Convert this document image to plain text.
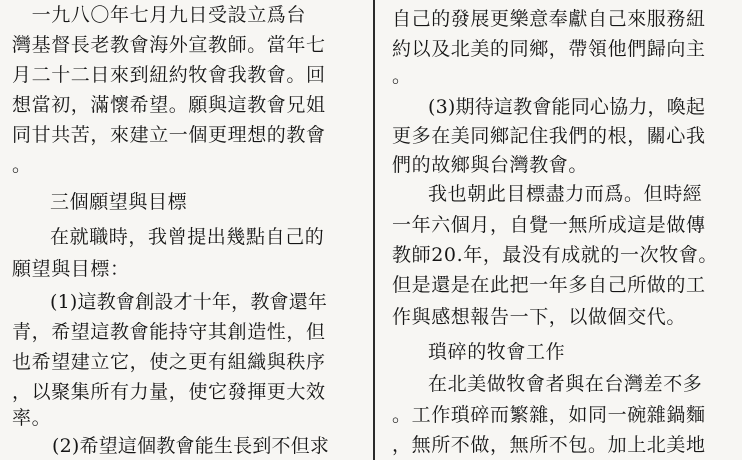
　一九八〇年七月九日受設立爲台
灣基督長老教會海外宣教師。當年七
月二十二日來到紐約牧會我教會。回
想當初，滿懷希望。願與這教會兄姐
同甘共苦，來建立一個更理想的教會
。
三個願望與目標
在就職時，我曾提出幾點自己的
願望與目標：
(1)這教會創設才十年，教會還年
青，希望這教會能持守其創造性，但
也希望建立它，使之更有組織與秩序
，以聚集所有力量，使它發揮更大效
率。
(2)希望這個教會能生長到不但求
自己的發展更樂意奉獻自己來服務紐
約以及北美的同鄉，帶領他們歸向主
。
(3)期待這教會能同心協力，喚起
更多在美同鄉記住我們的根，關心我
們的故鄉與台灣教會。
我也朝此目標盡力而爲。但時經
一年六個月，自覺一無所成這是做傳
教師20.年，最没有成就的一次牧會。
但是還是在此把一年多自己所做的工
作與感想報告一下，以做個交代。
瑣碎的牧會工作
在北美做牧會者與在台灣差不多
。工作瑣碎而繁雜，如同一碗雜鍋麵
，無所不做，無所不包。加上北美地
